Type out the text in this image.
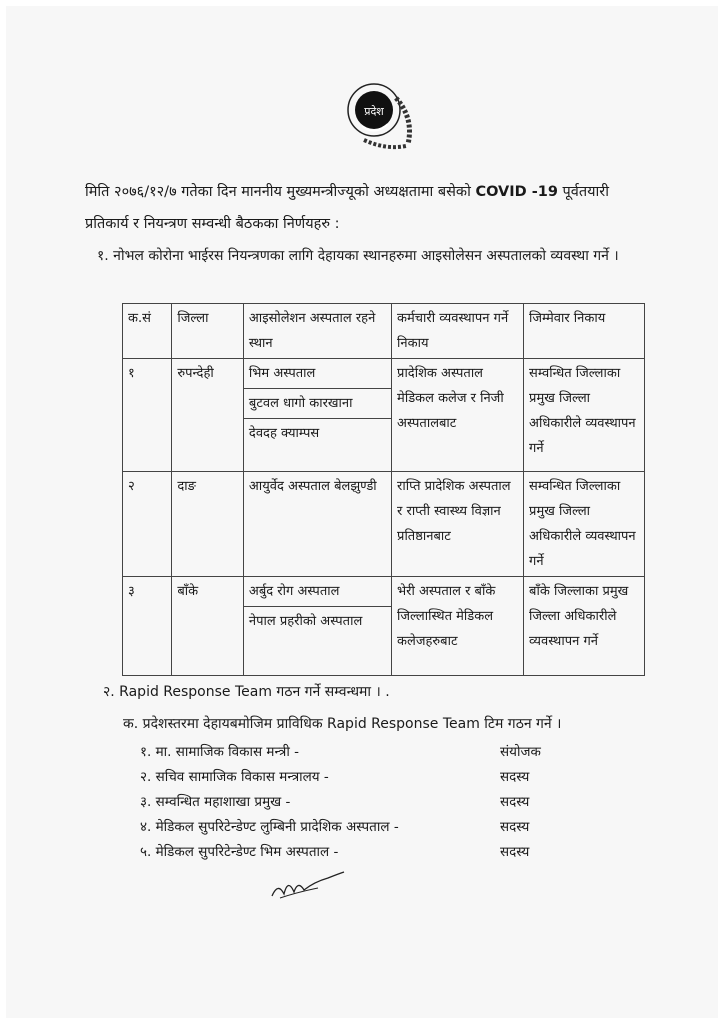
प्रदेश
मिति २०७६/१२/७ गतेका दिन माननीय मुख्यमन्त्रीज्यूको अध्यक्षतामा बसेको COVID -19 पूर्वतयारी प्रतिकार्य र नियन्त्रण सम्वन्धी बैठकका निर्णयहरु :
१. नोभल कोरोना भाईरस नियन्त्रणका लागि देहायका स्थानहरुमा आइसोलेसन अस्पतालको व्यवस्था गर्ने ।
क.सं	जिल्ला	आइसोलेशन अस्पताल रहने स्थान	कर्मचारी व्यवस्थापन गर्ने निकाय	जिम्मेवार निकाय
१	रुपन्देही	भिम अस्पताल	प्रादेशिक अस्पताल मेडिकल कलेज र निजी अस्पतालबाट	सम्वन्धित जिल्लाका प्रमुख जिल्ला अधिकारीले व्यवस्थापन गर्ने
		बुटवल धागो कारखाना		
		देवदह क्याम्पस		
२	दाङ	आयुर्वेद अस्पताल बेलझुण्डी	राप्ति प्रादेशिक अस्पताल र राप्ती स्वास्थ्य विज्ञान प्रतिष्ठानबाट	सम्वन्धित जिल्लाका प्रमुख जिल्ला अधिकारीले व्यवस्थापन गर्ने
३	बाँके	अर्बुद रोग अस्पताल	भेरी अस्पताल र बाँके जिल्लास्थित मेडिकल कलेजहरुबाट	बाँके जिल्लाका प्रमुख जिल्ला अधिकारीले व्यवस्थापन गर्ने
		नेपाल प्रहरीको अस्पताल		
२. Rapid Response Team गठन गर्ने सम्वन्धमा । .
क. प्रदेशस्तरमा देहायबमोजिम प्राविधिक Rapid Response Team टिम गठन गर्ने ।
१. मा. सामाजिक विकास मन्त्री -	संयोजक
२. सचिव सामाजिक विकास मन्त्रालय -	सदस्य
३. सम्वन्धित महाशाखा प्रमुख -	सदस्य
४. मेडिकल सुपरिटेन्डेण्ट लुम्बिनी प्रादेशिक अस्पताल -	सदस्य
५. मेडिकल सुपरिटेन्डेण्ट भिम अस्पताल -	सदस्य
